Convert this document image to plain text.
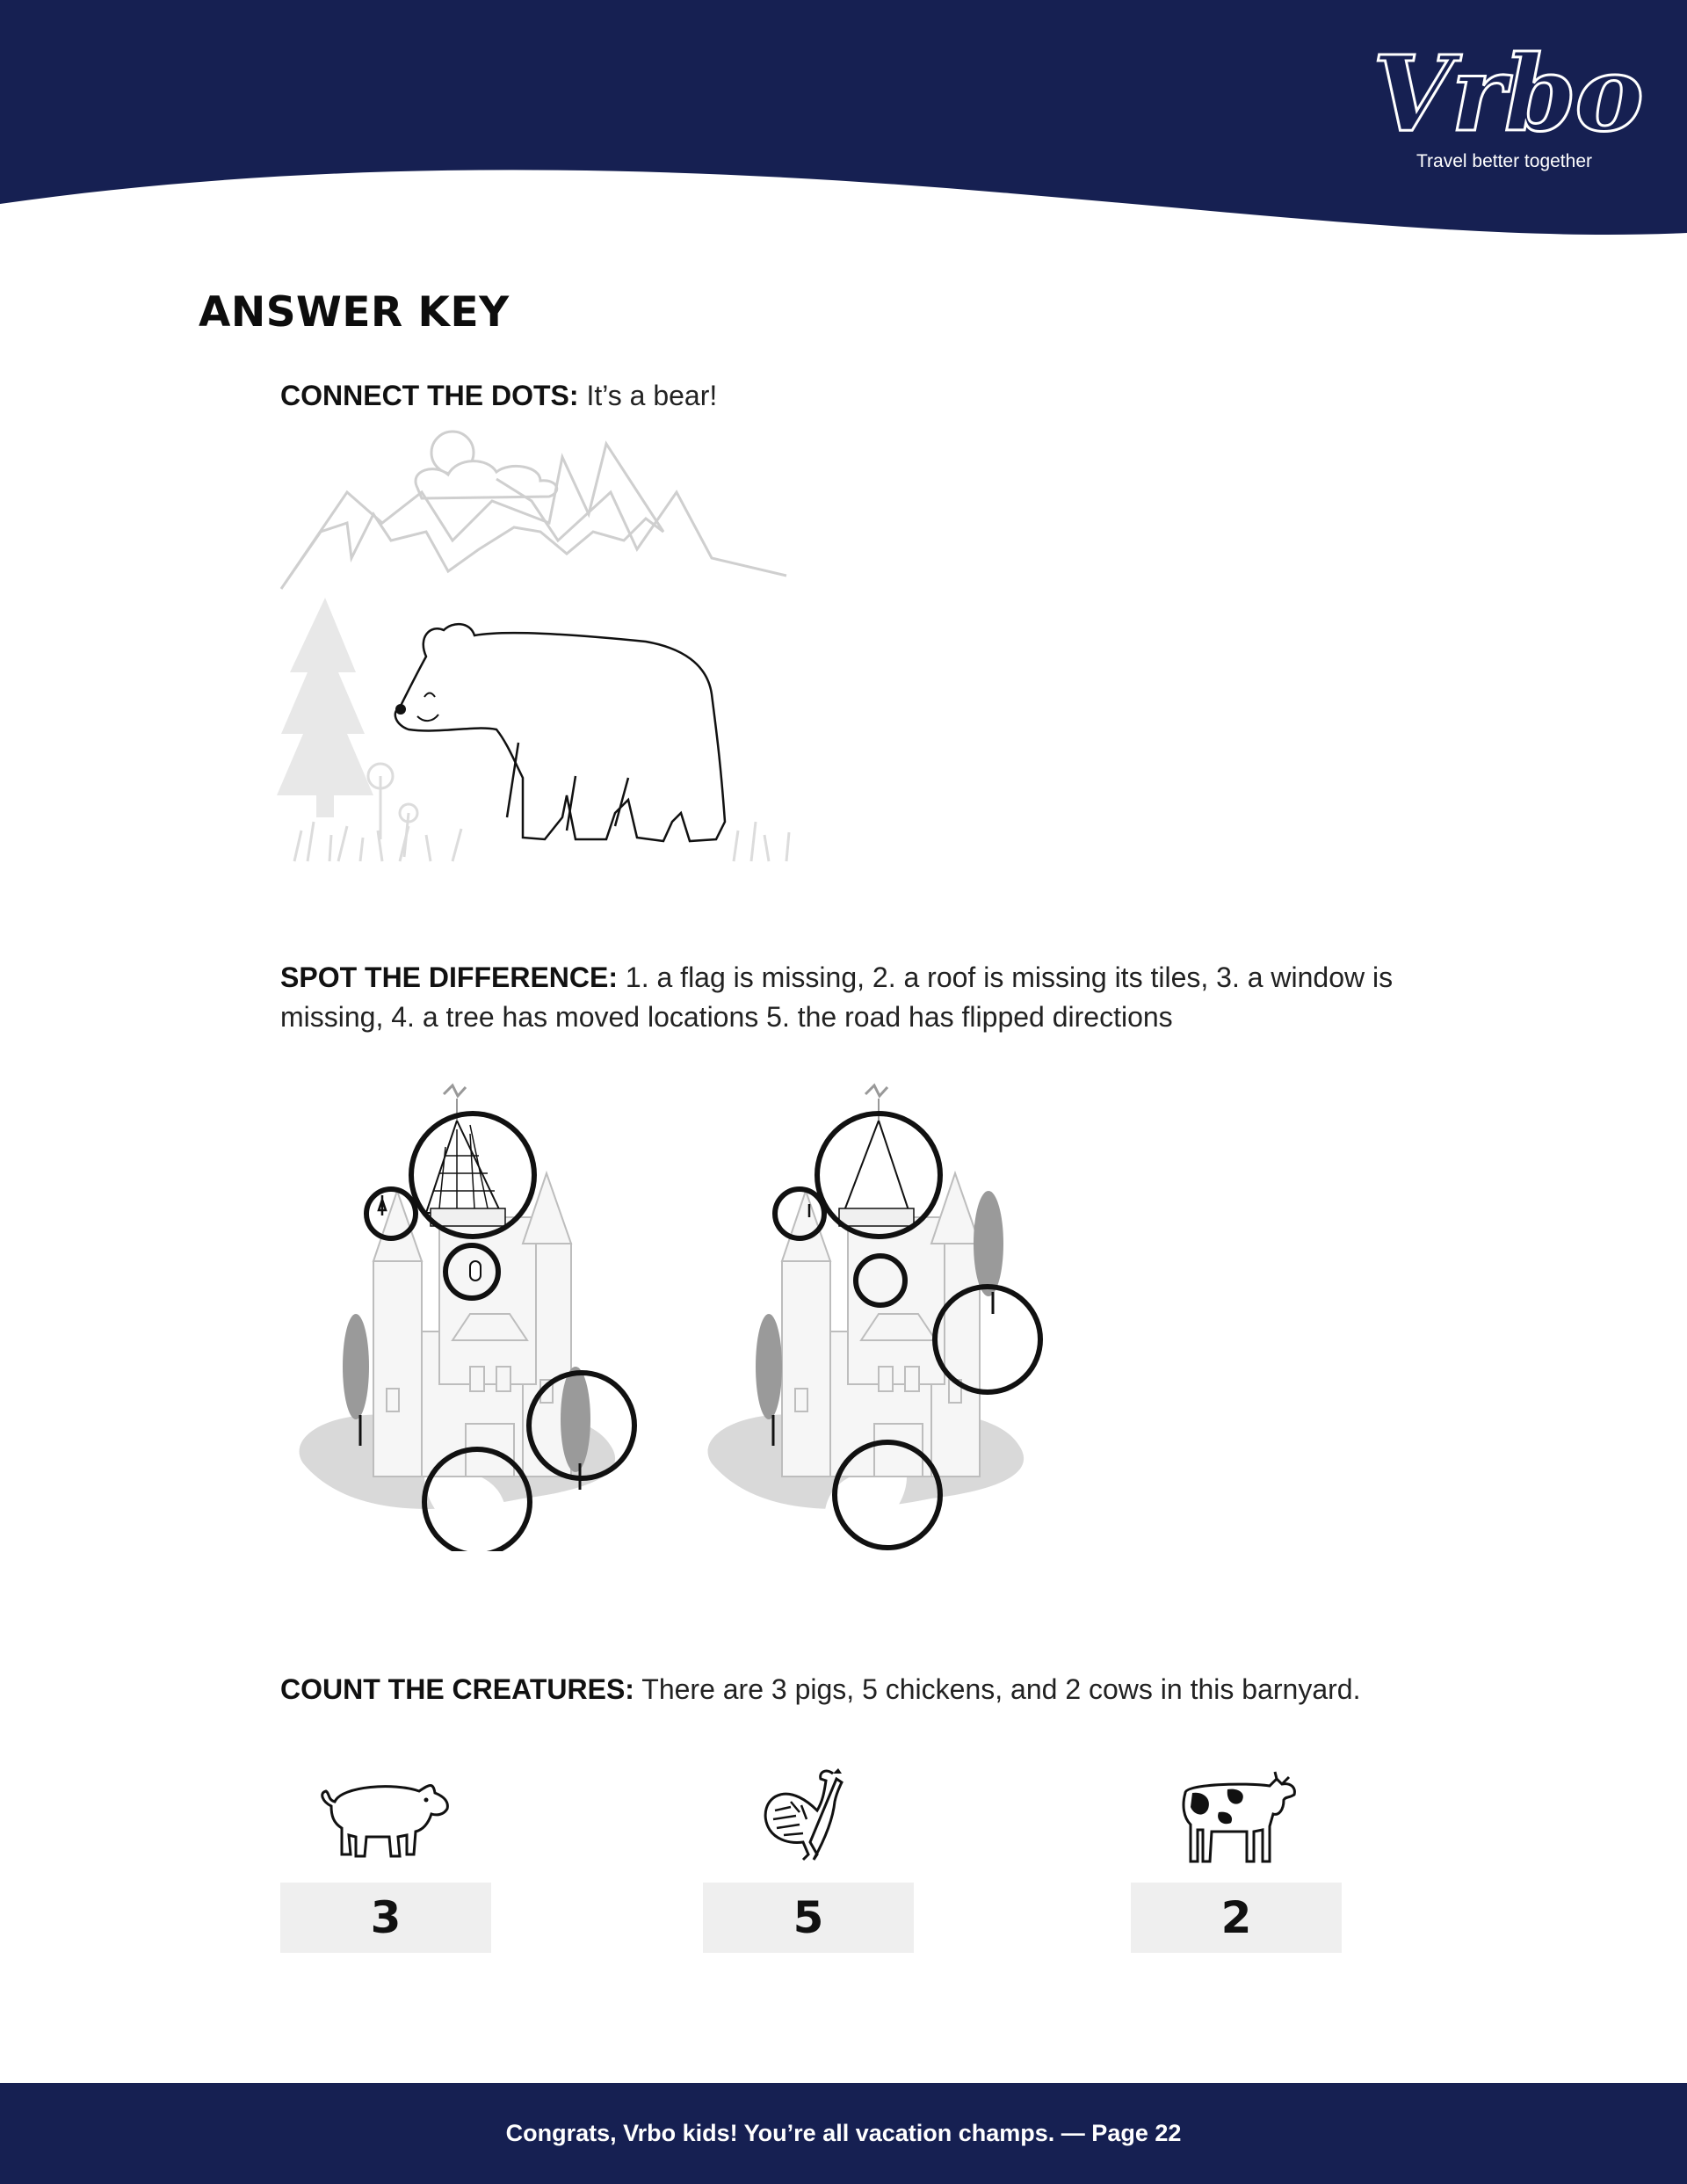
Vrbo
Travel better together
ANSWER KEY
CONNECT THE DOTS: It’s a bear!
SPOT THE DIFFERENCE: 1. a flag is missing, 2. a roof is missing its tiles, 3. a window is missing, 4. a tree has moved locations 5. the road has flipped directions
COUNT THE CREATURES: There are 3 pigs, 5 chickens, and 2 cows in this barnyard.
3	5	2
Congrats, Vrbo kids! You’re all vacation champs. — Page 22
